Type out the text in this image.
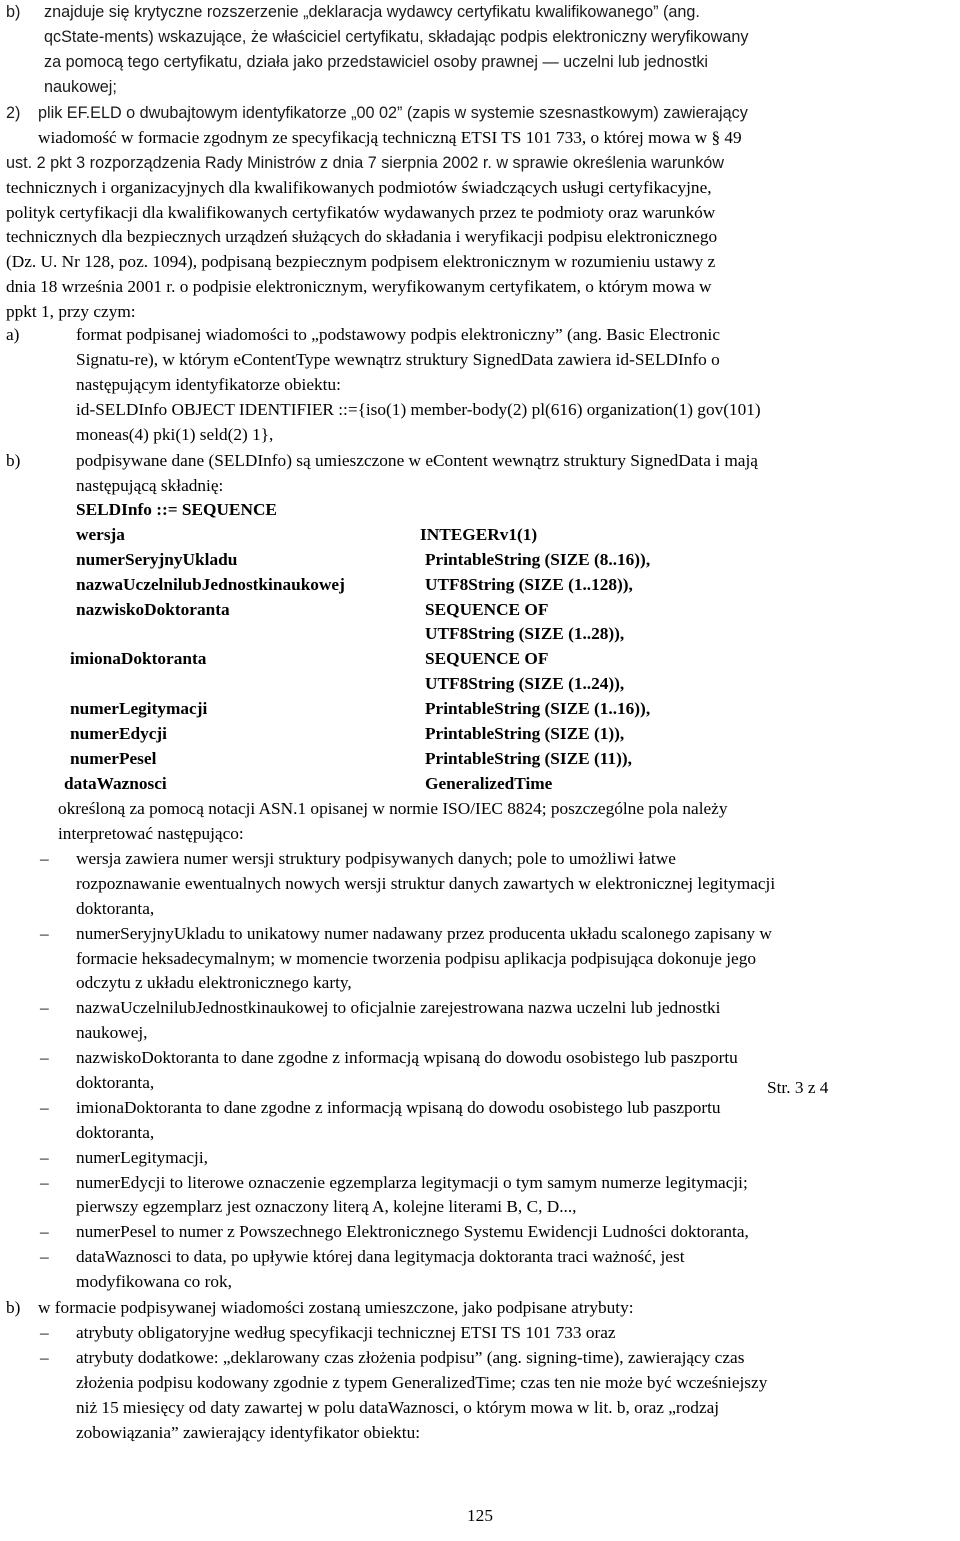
b) znajduje się krytyczne rozszerzenie „deklaracja wydawcy certyfikatu kwalifikowanego” (ang.
qcState-ments) wskazujące, że właściciel certyfikatu, składając podpis elektroniczny weryfikowany
za pomocą tego certyfikatu, działa jako przedstawiciel osoby prawnej — uczelni lub jednostki
naukowej;
2) plik EF.ELD o dwubajtowym identyfikatorze „00 02” (zapis w systemie szesnastkowym) zawierający
wiadomość w formacie zgodnym ze specyfikacją techniczną ETSI TS 101 733, o której mowa w § 49
ust. 2 pkt 3 rozporządzenia Rady Ministrów z dnia 7 sierpnia 2002 r. w sprawie określenia warunków
technicznych i organizacyjnych dla kwalifikowanych podmiotów świadczących usługi certyfikacyjne,
polityk certyfikacji dla kwalifikowanych certyfikatów wydawanych przez te podmioty oraz warunków
technicznych dla bezpiecznych urządzeń służących do składania i weryfikacji podpisu elektronicznego
(Dz. U. Nr 128, poz. 1094), podpisaną bezpiecznym podpisem elektronicznym w rozumieniu ustawy z
dnia 18 września 2001 r. o podpisie elektronicznym, weryfikowanym certyfikatem, o którym mowa w
ppkt 1, przy czym:
a)	format podpisanej wiadomości to „podstawowy podpis elektroniczny” (ang. Basic Electronic
Signatu-re), w którym eContentType wewnątrz struktury SignedData zawiera id-SELDInfo o
następującym identyfikatorze obiektu:
id-SELDInfo OBJECT IDENTIFIER ::={iso(1) member-body(2) pl(616) organization(1) gov(101)
moneas(4) pki(1) seld(2) 1},
b)	podpisywane dane (SELDInfo) są umieszczone w eContent wewnątrz struktury SignedData i mają
następującą składnię:
SELDInfo ::= SEQUENCE
wersja	INTEGERv1(1)
numerSeryjnyUkladu	PrintableString (SIZE (8..16)),
nazwaUczelnilubJednostkinaukowej	UTF8String (SIZE (1..128)),
nazwiskoDoktoranta	SEQUENCE OF
UTF8String (SIZE (1..28)),
imionaDoktoranta	SEQUENCE OF
UTF8String (SIZE (1..24)),
numerLegitymacji	PrintableString (SIZE (1..16)),
numerEdycji	PrintableString (SIZE (1)),
numerPesel	PrintableString (SIZE (11)),
dataWaznosci	GeneralizedTime
określoną za pomocą notacji ASN.1 opisanej w normie ISO/IEC 8824; poszczególne pola należy
interpretować następująco:
– wersja zawiera numer wersji struktury podpisywanych danych; pole to umożliwi łatwe
rozpoznawanie ewentualnych nowych wersji struktur danych zawartych w elektronicznej legitymacji
doktoranta,
– numerSeryjnyUkladu to unikatowy numer nadawany przez producenta układu scalonego zapisany w
formacie heksadecymalnym; w momencie tworzenia podpisu aplikacja podpisująca dokonuje jego
odczytu z układu elektronicznego karty,
– nazwaUczelnilubJednostkinaukowej to oficjalnie zarejestrowana nazwa uczelni lub jednostki
naukowej,
– nazwiskoDoktoranta to dane zgodne z informacją wpisaną do dowodu osobistego lub paszportu
doktoranta,
– imionaDoktoranta to dane zgodne z informacją wpisaną do dowodu osobistego lub paszportu
doktoranta,
– numerLegitymacji,
– numerEdycji to literowe oznaczenie egzemplarza legitymacji o tym samym numerze legitymacji;
pierwszy egzemplarz jest oznaczony literą A, kolejne literami B, C, D...,
– numerPesel to numer z Powszechnego Elektronicznego Systemu Ewidencji Ludności doktoranta,
– dataWaznosci to data, po upływie której dana legitymacja doktoranta traci ważność, jest
modyfikowana co rok,
b) w formacie podpisywanej wiadomości zostaną umieszczone, jako podpisane atrybuty:
– atrybuty obligatoryjne według specyfikacji technicznej ETSI TS 101 733 oraz
– atrybuty dodatkowe: „deklarowany czas złożenia podpisu” (ang. signing-time), zawierający czas
złożenia podpisu kodowany zgodnie z typem GeneralizedTime; czas ten nie może być wcześniejszy
niż 15 miesięcy od daty zawartej w polu dataWaznosci, o którym mowa w lit. b, oraz „rodzaj
zobowiązania” zawierający identyfikator obiektu:
Str. 3 z 4
125
